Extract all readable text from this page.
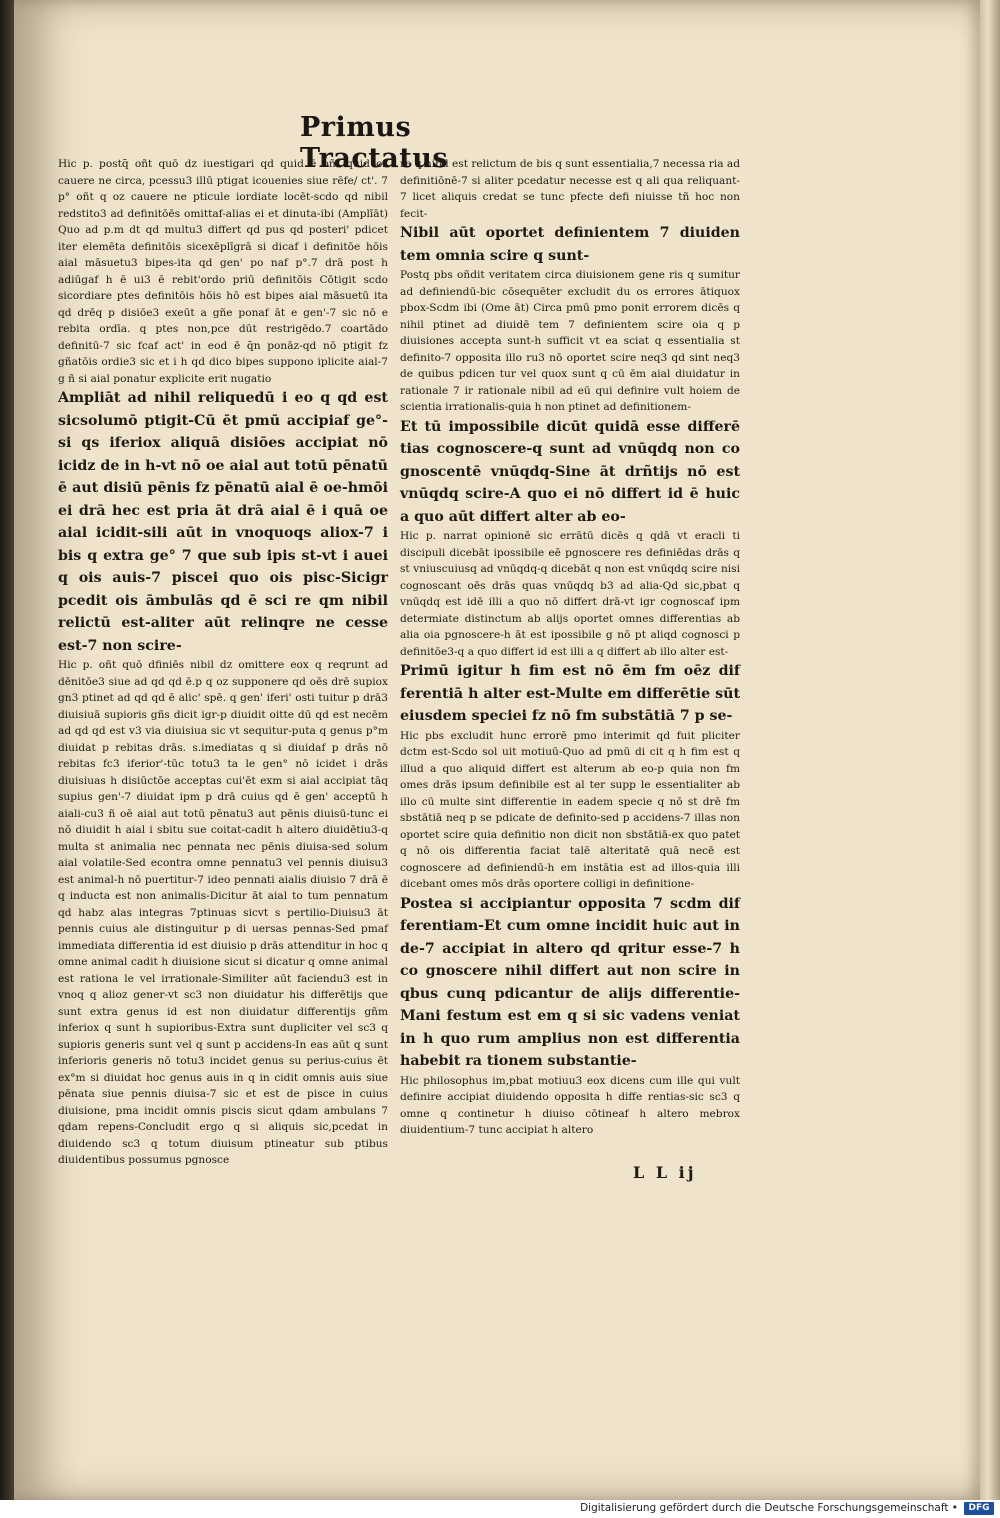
Primus Tractatus

Hic p. postq̄ oñt quō dz iuestigari qd quid ē oñt quid oz cauere ne circa, pcessu3 illū ptigat icouenies siue rēfe/ ct'. 7 p° oñt q oz cauere ne pticule iordiate locēt-scdo qd nibil redstito3 ad definitōēs omittaf-alias ei et dinuta-ibi (Amplīāt) Quo ad p.m dt qd multu3 differt qd pus qd posteri' pdicet iter elemēta definitōis sicexēplīgrā si dicaf i definitōe hōis aial māsuetu3 bipes-ita qd gen' po naf p°.7 drā post h adiūgaf h ē ui3 ē rebit'ordo priū definitōis Cōtigit scdo sicordiare ptes definitōis hōis hō est bipes aial māsuetū ita qd drēq p disiōe3 exeūt a gñe ponaf āt e gen'-7 sic nō e rebita ordīa. q ptes non,pce dūt restrigēdo.7 coartādo definitū-7 sic fcaf act' in eod ē q̄n ponāz-qd nō ptigit fz gñatōis ordie3 sic et i h qd dico bipes suppono iplicite aial-7 g ñ si aial ponatur explicite erit nugatio

Ampliāt ad nihil reliquedū i eo q qd est sicsolumō ptigit-Cū ēt pmū accipiaf ge°-si qs iferiox aliquā disiōes accipiat nō icidz de in h-vt nō oe aial aut totū pēnatū ē aut disiū pēnis fz pēnatū aial ē oe-hmōi ei drā hec est pria āt drā aial ē i quā oe aial icidit-sili aūt in vnoquoqs aliox-7 i bis q extra ge° 7 que sub ipis st-vt i auei q ois auis-7 piscei quo ois pisc-Sicigr pcedit ois āmbulās qd ē sci re qm nibil relictū est-aliter aūt relinqre ne cesse est-7 non scire-

Hic p. oñt quō dfiniēs nibil dz omittere eox q reqrunt ad dēnitōe3 siue ad qd qd ē.p q oz supponere qd oēs drē supiox gn3 ptinet ad qd qd ē alic' spē. q gen' iferi' osti tuitur p drā3 diuisiuā supioris gñs dicit igr-p diuidit oitte dū qd est necēm ad qd qd est v3 via diuisiua sic vt sequitur-puta q genus p°m diuidat p rebitas drās. s.imediatas q si diuidaf p drās nō rebitas fc3 iferior'-tūc totu3 ta le gen° nō icidet i drās diuisiuas h disiūctōe acceptas cui'ēt exm si aial accipiat tāq supius gen'-7 diuidat ipm p drā cuius qd ē gen' acceptū h aiali-cu3 ñ oē aial aut totū pēnatu3 aut pēnis diuisū-tunc ei nō diuidit h aial i sbitu sue coitat-cadit h altero diuidētiu3-q multa st animalia nec pennata nec pēnis diuisa-sed solum aial volatile-Sed econtra omne pennatu3 vel pennis diuisu3 est animal-h nō puertitur-7 ideo pennati aialis diuisio 7 drā ē q inducta est non animalis-Dicitur āt aial to tum pennatum qd habz alas integras 7ptinuas sicvt s pertilio-Diuisu3 āt pennis cuius ale distinguitur p di uersas pennas-Sed pmaf immediata differentia id est diuisio p drās attenditur in hoc q omne animal cadit h diuisione sicut si dicatur q omne animal est rationa le vel irrationale-Similiter aūt faciendu3 est in vnoq q alioz gener-vt sc3 non diuidatur his differētijs que sunt extra genus id est non diuidatur differentijs gñm inferiox q sunt h supioribus-Extra sunt dupliciter vel sc3 q supioris generis sunt vel q sunt p accidens-In eas aūt q sunt inferioris generis nō totu3 incidet genus su perius-cuius ēt ex°m si diuidat hoc genus auis in q in cidit omnis auis siue pēnata siue pennis diuisa-7 sic et est de pisce in cuius diuisione, pma incidit omnis piscis sicut qdam ambulans 7 qdam repens-Concludit ergo q si aliquis sic,pcedat in diuidendo sc3 q totum diuisum ptineatur sub ptibus diuidentibus possumus pgnosce

re q nibil est relictum de bis q sunt essentialia,7 necessa ria ad definitiōnē-7 si aliter pcedatur necesse est q ali qua reliquant-7 licet aliquis credat se tunc pfecte defi niuisse tñ hoc non fecit-

Nibil aūt oportet definientem 7 diuiden tem omnia scire q sunt-

Postq pbs oñdit veritatem circa diuisionem gene ris q sumitur ad definiendū-bic cōsequēter excludit du os errores ātiquox pbox-Scdm ibi (Ome āt) Circa pmū pmo ponit errorem dicēs q nihil ptinet ad diuidē tem 7 definientem scire oia q p diuisiones accepta sunt-h sufficit vt ea sciat q essentialia st definito-7 opposita illo ru3 nō oportet scire neq3 qd sint neq3 de quibus pdicen tur vel quox sunt q cū ēm aial diuidatur in rationale 7 ir rationale nibil ad eū qui definire vult hoiem de scientia irrationalis-quia h non ptinet ad definitionem-

Et tū impossibile dicūt quidā esse differē tias cognoscere-q sunt ad vnūqdq non co gnoscentē vnūqdq-Sine āt drñtijs nō est vnūqdq scire-A quo ei nō differt id ē huic a quo aūt differt alter ab eo-

Hic p. narrat opinionē sic errātū dicēs q qdā vt eracli ti discipuli dicebāt ipossibile eē pgnoscere res definiēdas drās q st vniuscuiusq ad vnūqdq-q dicebāt q non est vnūqdq scire nisi cognoscant oēs drās quas vnūqdq b3 ad alia-Qd sic,pbat q vnūqdq est idē illi a quo nō differt drā-vt igr cognoscaf ipm determiate distinctum ab alijs oportet omnes differentias ab alia oia pgnoscere-h āt est ipossibile g nō pt aliqd cognosci p definitōe3-q a quo differt id est illi a q differt ab illo alter est-

Primū igitur h fim est nō ēm fm oēz dif ferentiā h alter est-Multe em differētie sūt eiusdem speciei fz nō fm substātiā 7 p se-

Hic pbs excludit hunc errorē pmo interimit qd fuit pliciter dctm est-Scdo sol uit motiuū-Quo ad pmū di cit q h fim est q illud a quo aliquid differt est alterum ab eo-p quia non fm omes drās ipsum definibile est al ter supp le essentialiter ab illo cū multe sint differentie in eadem specie q nō st drē fm sbstātiā neq p se pdicate de definito-sed p accidens-7 illas non oportet scire quia definitio non dicit non sbstātiā-ex quo patet q nō ois differentia faciat talē alteritatē quā necē est cognoscere ad definiendū-h em instātia est ad illos-quia illi dicebant omes mōs drās oportere colligi in definitione-

Postea si accipiantur opposita 7 scdm dif ferentiam-Et cum omne incidit huic aut in de-7 accipiat in altero qd qritur esse-7 h co gnoscere nihil differt aut non scire in qbus cunq pdicantur de alijs differentie-Mani festum est em q si sic vadens veniat in h quo rum amplius non est differentia habebit ra tionem substantie-

Hic philosophus im,pbat motiuu3 eox dicens cum ille qui vult definire accipiat diuidendo opposita h diffe rentias-sic sc3 q omne q continetur h diuiso cōtineaf h altero mebrox diuidentium-7 tunc accipiat h altero

L L ij
Digitalisierung gefördert durch die Deutsche Forschungsgemeinschaft •	DFG
